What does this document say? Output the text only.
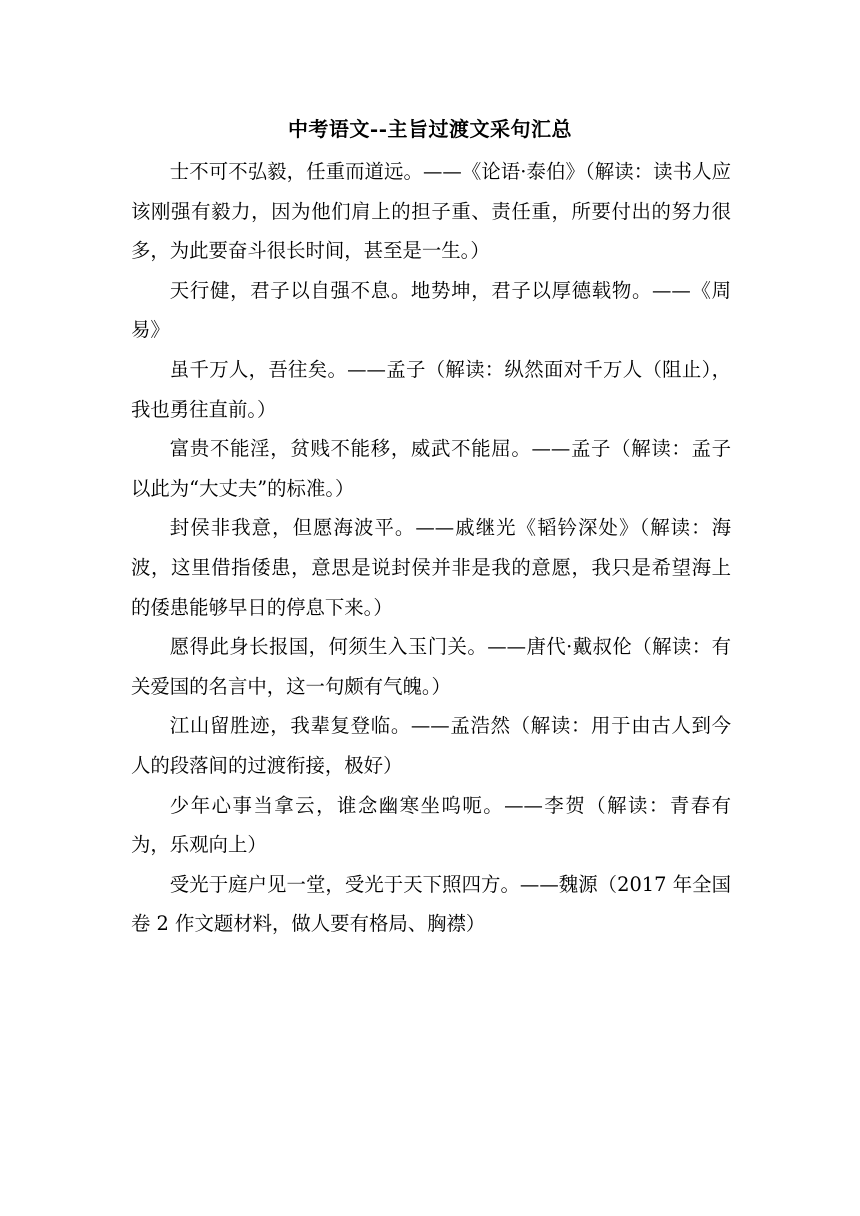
中考语文--主旨过渡文采句汇总

士不可不弘毅，任重而道远。——《论语·泰伯》（解读：读书人应该刚强有毅力，因为他们肩上的担子重、责任重，所要付出的努力很多，为此要奋斗很长时间，甚至是一生。）

天行健，君子以自强不息。地势坤，君子以厚德载物。——《周易》

虽千万人，吾往矣。——孟子（解读：纵然面对千万人（阻止），我也勇往直前。）

富贵不能淫，贫贱不能移，威武不能屈。——孟子（解读：孟子以此为“大丈夫”的标准。）

封侯非我意，但愿海波平。——戚继光《韬钤深处》（解读：海波，这里借指倭患，意思是说封侯并非是我的意愿，我只是希望海上的倭患能够早日的停息下来。）

愿得此身长报国，何须生入玉门关。——唐代·戴叔伦（解读：有关爱国的名言中，这一句颇有气魄。）

江山留胜迹，我辈复登临。——孟浩然（解读：用于由古人到今人的段落间的过渡衔接，极好）

少年心事当拿云，谁念幽寒坐呜呃。——李贺（解读：青春有为，乐观向上）

受光于庭户见一堂，受光于天下照四方。——魏源（2017 年全国卷 2 作文题材料，做人要有格局、胸襟）
